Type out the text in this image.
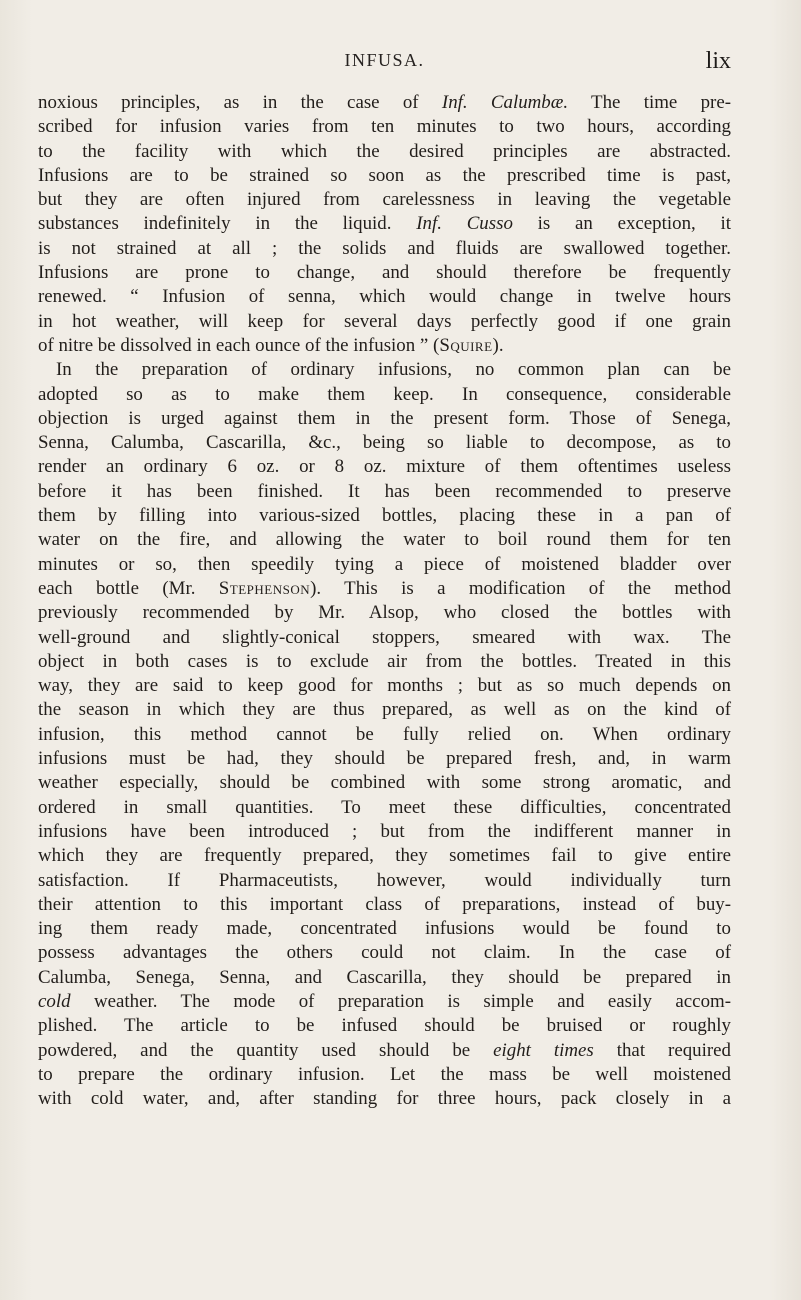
INFUSA.	lix
noxious principles, as in the case of Inf. Calumbæ. The time pre-
scribed for infusion varies from ten minutes to two hours, according
to the facility with which the desired principles are abstracted.
Infusions are to be strained so soon as the prescribed time is past,
but they are often injured from carelessness in leaving the vegetable
substances indefinitely in the liquid. Inf. Cusso is an exception, it
is not strained at all ; the solids and fluids are swallowed together.
Infusions are prone to change, and should therefore be frequently
renewed. “ Infusion of senna, which would change in twelve hours
in hot weather, will keep for several days perfectly good if one grain
of nitre be dissolved in each ounce of the infusion ” (Squire).
In the preparation of ordinary infusions, no common plan can be
adopted so as to make them keep. In consequence, considerable
objection is urged against them in the present form. Those of Senega,
Senna, Calumba, Cascarilla, &c., being so liable to decompose, as to
render an ordinary 6 oz. or 8 oz. mixture of them oftentimes useless
before it has been finished. It has been recommended to preserve
them by filling into various-sized bottles, placing these in a pan of
water on the fire, and allowing the water to boil round them for ten
minutes or so, then speedily tying a piece of moistened bladder over
each bottle (Mr. Stephenson). This is a modification of the method
previously recommended by Mr. Alsop, who closed the bottles with
well-ground and slightly-conical stoppers, smeared with wax. The
object in both cases is to exclude air from the bottles. Treated in this
way, they are said to keep good for months ; but as so much depends on
the season in which they are thus prepared, as well as on the kind of
infusion, this method cannot be fully relied on. When ordinary
infusions must be had, they should be prepared fresh, and, in warm
weather especially, should be combined with some strong aromatic, and
ordered in small quantities. To meet these difficulties, concentrated
infusions have been introduced ; but from the indifferent manner in
which they are frequently prepared, they sometimes fail to give entire
satisfaction. If Pharmaceutists, however, would individually turn
their attention to this important class of preparations, instead of buy-
ing them ready made, concentrated infusions would be found to
possess advantages the others could not claim. In the case of
Calumba, Senega, Senna, and Cascarilla, they should be prepared in
cold weather. The mode of preparation is simple and easily accom-
plished. The article to be infused should be bruised or roughly
powdered, and the quantity used should be eight times that required
to prepare the ordinary infusion. Let the mass be well moistened
with cold water, and, after standing for three hours, pack closely in a
